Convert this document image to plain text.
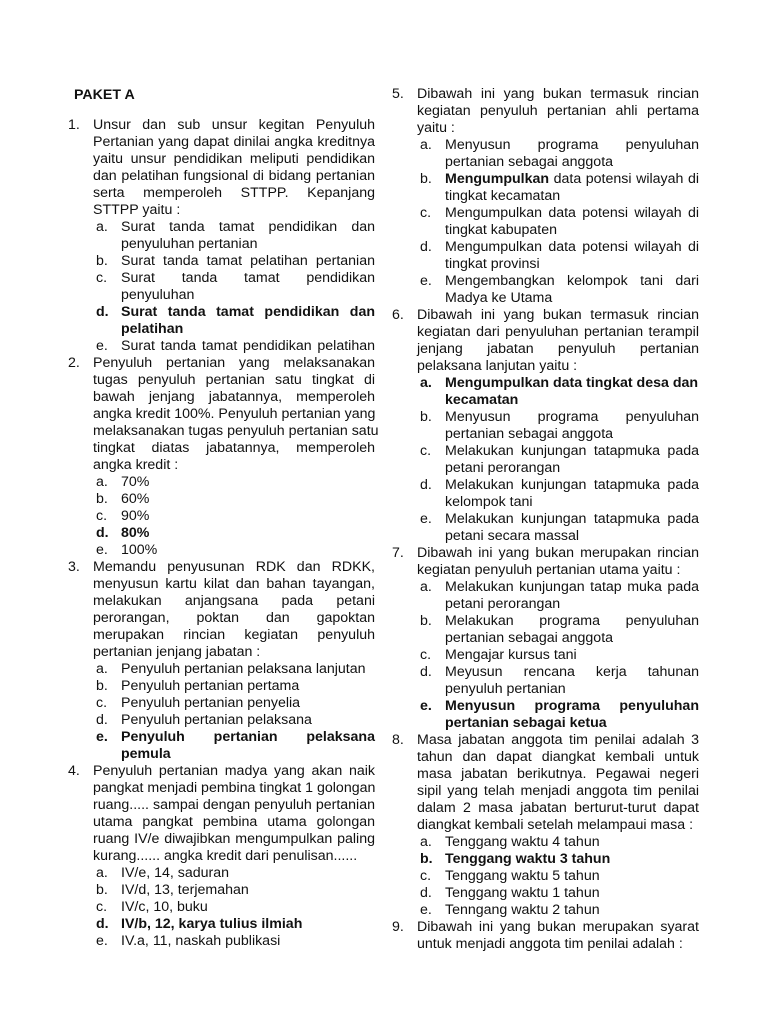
PAKET A
1. Unsur dan sub unsur kegitan Penyuluh
Pertanian yang dapat dinilai angka kreditnya
yaitu unsur pendidikan meliputi pendidikan
dan pelatihan fungsional di bidang pertanian
serta memperoleh STTPP. Kepanjang
STTPP yaitu :
a. Surat tanda tamat pendidikan dan
penyuluhan pertanian
b. Surat tanda tamat pelatihan pertanian
c. Surat tanda tamat pendidikan
penyuluhan
d. Surat tanda tamat pendidikan dan
pelatihan
e. Surat tanda tamat pendidikan pelatihan
2. Penyuluh pertanian yang melaksanakan
tugas penyuluh pertanian satu tingkat di
bawah jenjang jabatannya, memperoleh
angka kredit 100%. Penyuluh pertanian yang
melaksanakan tugas penyuluh pertanian satu
tingkat diatas jabatannya, memperoleh
angka kredit :
a. 70%
b. 60%
c. 90%
d. 80%
e. 100%
3. Memandu penyusunan RDK dan RDKK,
menyusun kartu kilat dan bahan tayangan,
melakukan anjangsana pada petani
perorangan, poktan dan gapoktan
merupakan rincian kegiatan penyuluh
pertanian jenjang jabatan :
a. Penyuluh pertanian pelaksana lanjutan
b. Penyuluh pertanian pertama
c. Penyuluh pertanian penyelia
d. Penyuluh pertanian pelaksana
e. Penyuluh pertanian pelaksana
pemula
4. Penyuluh pertanian madya yang akan naik
pangkat menjadi pembina tingkat 1 golongan
ruang..... sampai dengan penyuluh pertanian
utama pangkat pembina utama golongan
ruang IV/e diwajibkan mengumpulkan paling
kurang...... angka kredit dari penulisan......
a. IV/e, 14, saduran
b. IV/d, 13, terjemahan
c. IV/c, 10, buku
d. IV/b, 12, karya tulius ilmiah
e. IV.a, 11, naskah publikasi
5. Dibawah ini yang bukan termasuk rincian
kegiatan penyuluh pertanian ahli pertama
yaitu :
a. Menyusun programa penyuluhan
pertanian sebagai anggota
b. Mengumpulkan data potensi wilayah di
tingkat kecamatan
c. Mengumpulkan data potensi wilayah di
tingkat kabupaten
d. Mengumpulkan data potensi wilayah di
tingkat provinsi
e. Mengembangkan kelompok tani dari
Madya ke Utama
6. Dibawah ini yang bukan termasuk rincian
kegiatan dari penyuluhan pertanian terampil
jenjang jabatan penyuluh pertanian
pelaksana lanjutan yaitu :
a. Mengumpulkan data tingkat desa dan
kecamatan
b. Menyusun programa penyuluhan
pertanian sebagai anggota
c. Melakukan kunjungan tatapmuka pada
petani perorangan
d. Melakukan kunjungan tatapmuka pada
kelompok tani
e. Melakukan kunjungan tatapmuka pada
petani secara massal
7. Dibawah ini yang bukan merupakan rincian
kegiatan penyuluh pertanian utama yaitu :
a. Melakukan kunjungan tatap muka pada
petani perorangan
b. Melakukan programa penyuluhan
pertanian sebagai anggota
c. Mengajar kursus tani
d. Meyusun rencana kerja tahunan
penyuluh pertanian
e. Menyusun programa penyuluhan
pertanian sebagai ketua
8. Masa jabatan anggota tim penilai adalah 3
tahun dan dapat diangkat kembali untuk
masa jabatan berikutnya. Pegawai negeri
sipil yang telah menjadi anggota tim penilai
dalam 2 masa jabatan berturut-turut dapat
diangkat kembali setelah melampaui masa :
a. Tenggang waktu 4 tahun
b. Tenggang waktu 3 tahun
c. Tenggang waktu 5 tahun
d. Tenggang waktu 1 tahun
e. Tenngang waktu 2 tahun
9. Dibawah ini yang bukan merupakan syarat
untuk menjadi anggota tim penilai adalah :
